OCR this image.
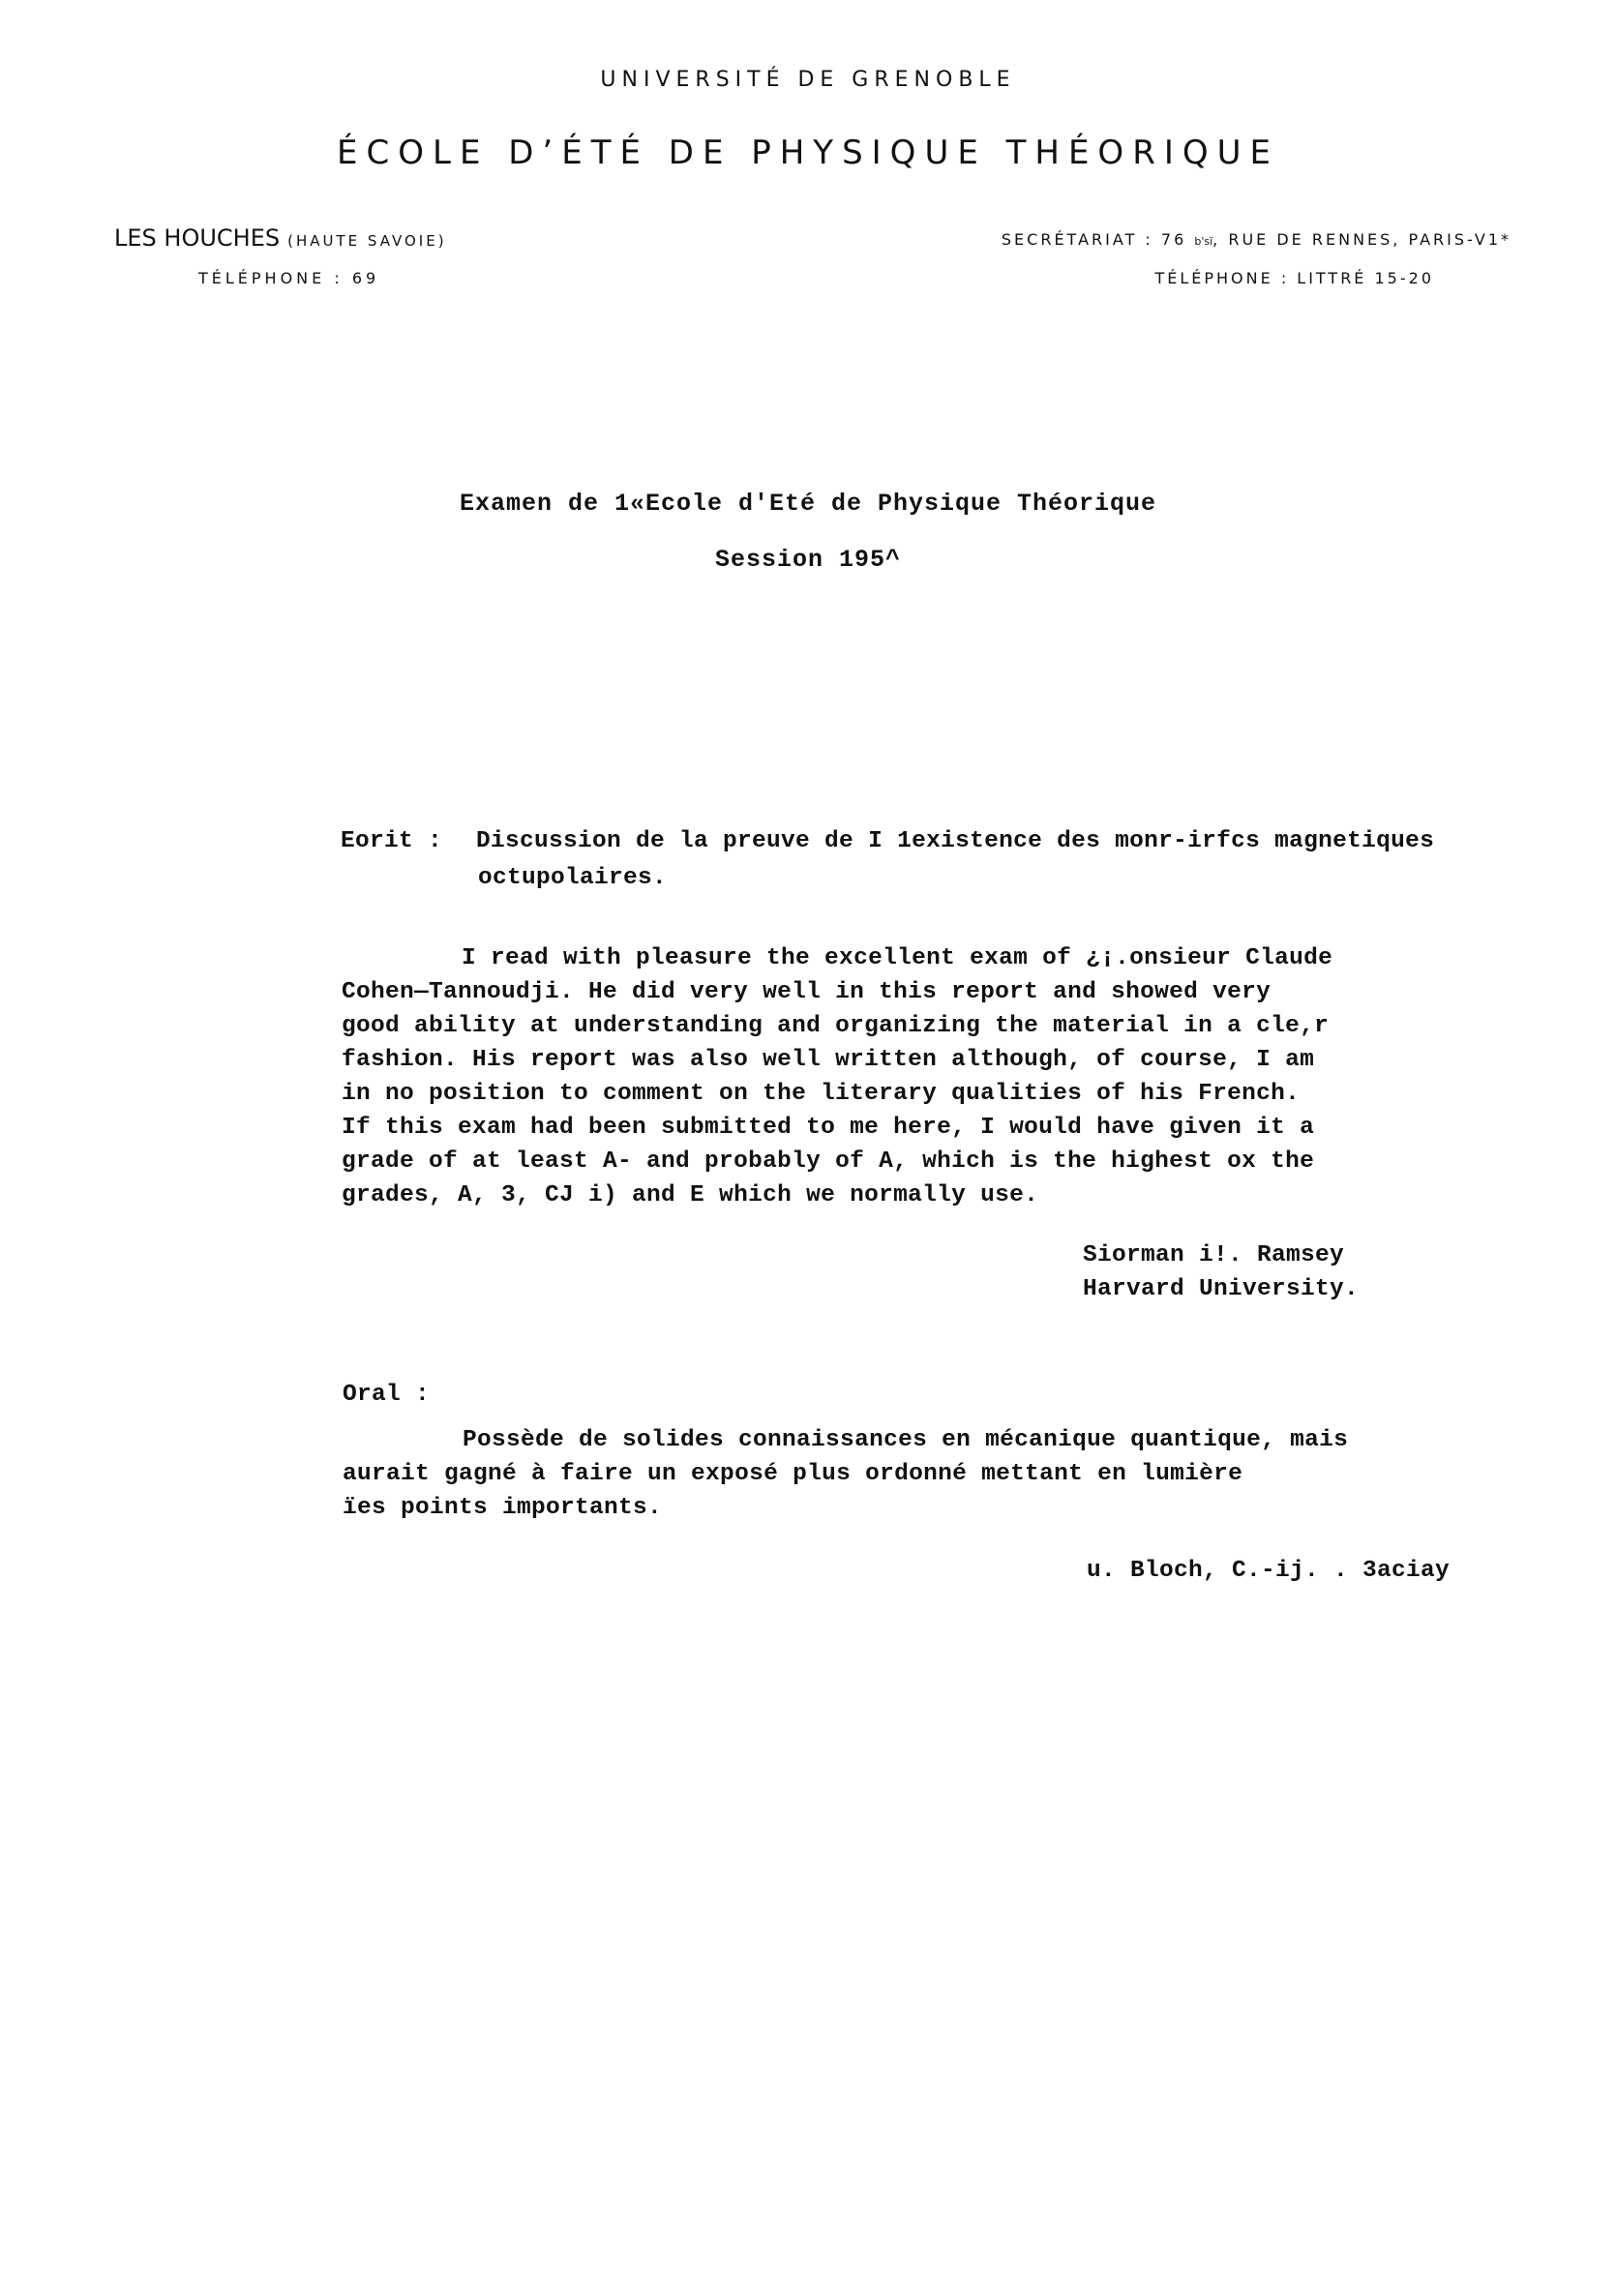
UNIVERSITÉ DE GRENOBLE
ÉCOLE D’ÉTÉ DE PHYSIQUE THÉORIQUE
LES HOUCHES (HAUTE SAVOIE)
TÉLÉPHONE : 69
SECRÉTARIAT : 76 b'sï, RUE DE RENNES, PARIS-V1*
TÉLÉPHONE : LITTRÉ 15-20
Examen de 1«Ecole d'Eté de Physique Théorique
Session 195^
Eorit : Discussion de la preuve de I 1existence des monr-irfcs magnetiques
octupolaires.

I read with pleasure the excellent exam of ¿¡.onsieur Claude

Cohen—Tannoudji. He did very well in this report and showed very

good ability at understanding and organizing the material in a cle,r

fashion. His report was also well written although, of course, I am

in no position to comment on the literary qualities of his French.

If this exam had been submitted to me here, I would have given it a

grade of at least A- and probably of A, which is the highest ox the

grades, A, 3, CJ i) and E which we normally use.

Siorman i!. Ramsey
Harvard University.
Oral :

Possède de solides connaissances en mécanique quantique, mais

aurait gagné à faire un exposé plus ordonné mettant en lumière

ïes points importants.

u. Bloch, C.-ij. . 3aciay
